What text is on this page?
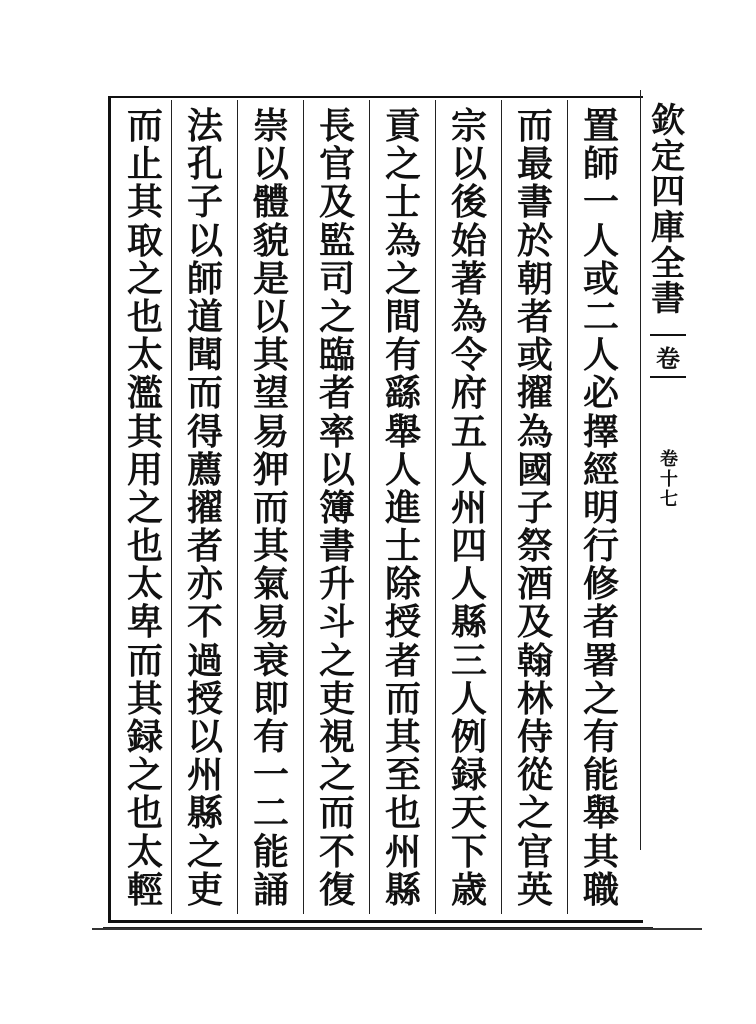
欽
定
四
庫
全
書
卷
卷
十
七
置
師
一
人
或
二
人
必
擇
經
明
行
修
者
署
之
有
能
舉
其
職
而
最
書
於
朝
者
或
擢
為
國
子
祭
酒
及
翰
林
侍
從
之
官
英
宗
以
後
始
著
為
令
府
五
人
州
四
人
縣
三
人
例
録
天
下
歳
貢
之
士
為
之
間
有
繇
舉
人
進
士
除
授
者
而
其
至
也
州
縣
長
官
及
監
司
之
臨
者
率
以
簿
書
升
斗
之
吏
視
之
而
不
復
崇
以
體
貌
是
以
其
望
易
狎
而
其
氣
易
衰
即
有
一
二
能
誦
法
孔
子
以
師
道
聞
而
得
薦
擢
者
亦
不
過
授
以
州
縣
之
吏
而
止
其
取
之
也
太
濫
其
用
之
也
太
卑
而
其
録
之
也
太
輕
